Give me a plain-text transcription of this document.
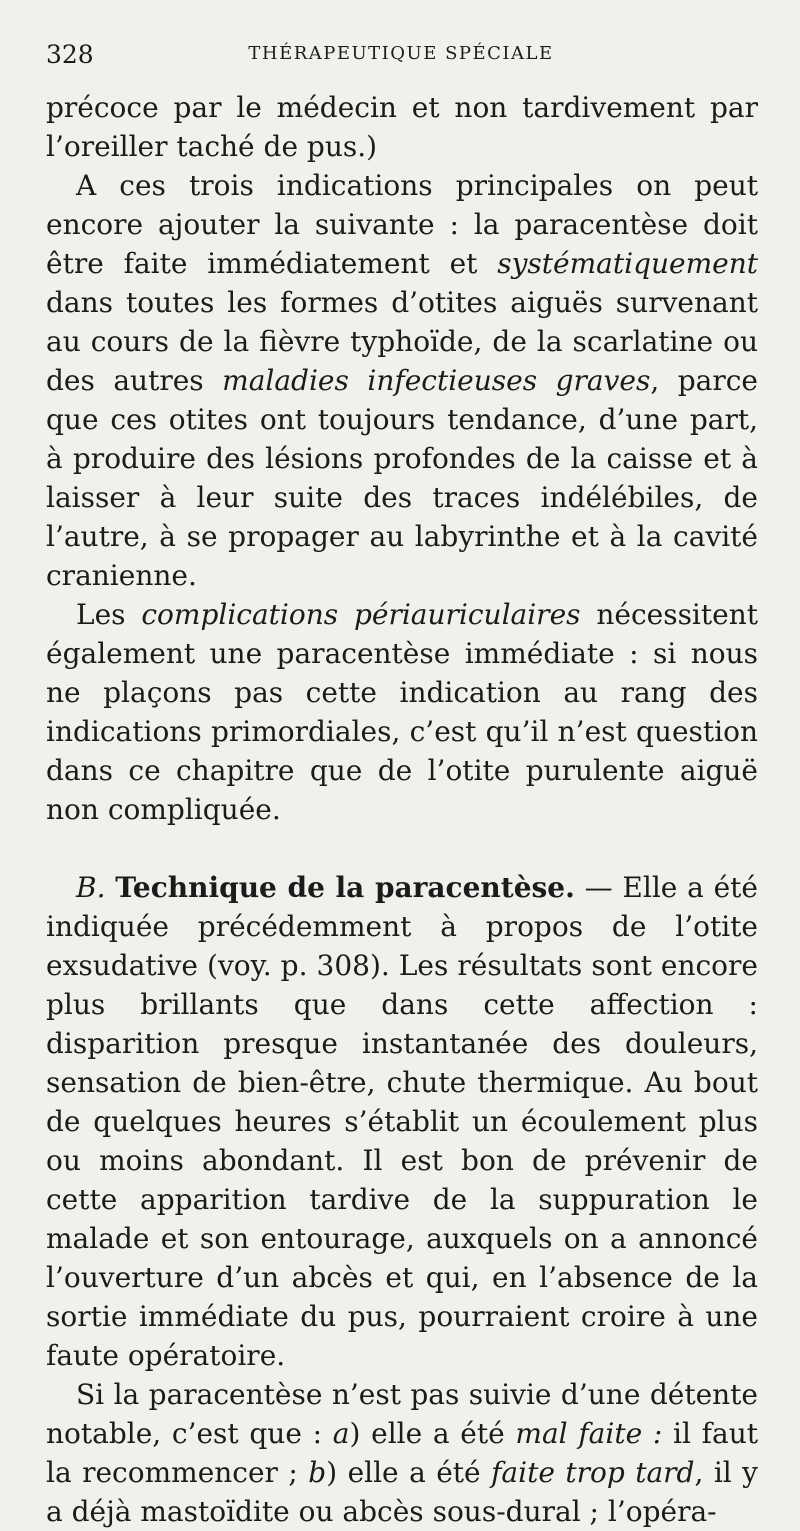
328	THÉRAPEUTIQUE SPÉCIALE

précoce par le médecin et non tardivement par l’oreiller taché de pus.)

A ces trois indications principales on peut encore ajouter la suivante : la paracentèse doit être faite immédiatement et systématiquement dans toutes les formes d’otites aiguës survenant au cours de la fièvre typhoïde, de la scarlatine ou des autres maladies infectieuses graves, parce que ces otites ont toujours tendance, d’une part, à produire des lésions profondes de la caisse et à laisser à leur suite des traces indélébiles, de l’autre, à se propager au labyrinthe et à la cavité cranienne.

Les complications périauriculaires nécessitent également une paracentèse immédiate : si nous ne plaçons pas cette indication au rang des indications primordiales, c’est qu’il n’est question dans ce chapitre que de l’otite purulente aiguë non compliquée.

B. Technique de la paracentèse. — Elle a été indiquée précédemment à propos de l’otite exsudative (voy. p. 308). Les résultats sont encore plus brillants que dans cette affection : disparition presque instantanée des douleurs, sensation de bien-être, chute thermique. Au bout de quelques heures s’établit un écoulement plus ou moins abondant. Il est bon de prévenir de cette apparition tardive de la suppuration le malade et son entourage, auxquels on a annoncé l’ouverture d’un abcès et qui, en l’absence de la sortie immédiate du pus, pourraient croire à une faute opératoire.

Si la paracentèse n’est pas suivie d’une détente notable, c’est que : a) elle a été mal faite : il faut la recommencer ; b) elle a été faite trop tard, il y a déjà mastoïdite ou abcès sous-dural ; l’opéra-
